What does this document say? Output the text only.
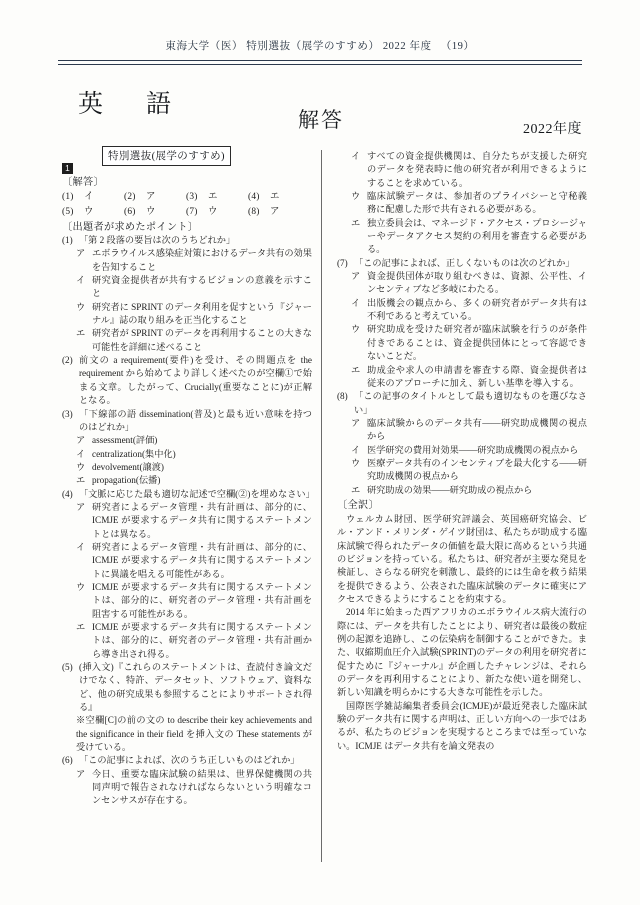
東海大学（医） 特別選抜（展学のすすめ） 2022 年度 　（19）
英　語
解答	2022年度
特別選抜(展学のすすめ)
1
〔解答〕
(1)	イ	(2)	ア	(3)	エ	(4)	エ
(5)	ウ	(6)	ウ	(7)	ウ	(8)	ア
〔出題者が求めたポイント〕
(1) 「第 2 段落の要旨は次のうちどれか」
ア エボラウイルス感染症対策におけるデータ共有の効果を告知すること
イ 研究資金提供者が共有するビジョンの意義を示すこと
ウ 研究者に SPRINT のデータ利用を促すという『ジャーナル』誌の取り組みを正当化すること
エ 研究者が SPRINT のデータを再利用することの大きな可能性を詳細に述べること
(2) 前文の a requirement(要件)を受け、その問題点を the requirement から始めてより詳しく述べたのが空欄①で始まる文章。したがって、Crucially(重要なことに)が正解となる。
(3) 「下線部の語 dissemination(普及)と最も近い意味を持つのはどれか」
ア assessment(評価)
イ centralization(集中化)
ウ devolvement(譲渡)
エ propagation(伝播)
(4) 「文脈に応じた最も適切な記述で空欄(②)を埋めなさい」
ア 研究者によるデータ管理・共有計画は、部分的に、ICMJE が要求するデータ共有に関するステートメントとは異なる。
イ 研究者によるデータ管理・共有計画は、部分的に、ICMJE が要求するデータ共有に関するステートメントに異議を唱える可能性がある。
ウ ICMJE が要求するデータ共有に関するステートメントは、部分的に、研究者のデータ管理・共有計画を阻害する可能性がある。
エ ICMJE が要求するデータ共有に関するステートメントは、部分的に、研究者のデータ管理・共有計画から導き出され得る。
(5) (挿入文)『これらのステートメントは、査読付き論文だけでなく、特許、データセット、ソフトウェア、資料など、他の研究成果も参照することによりサポートされ得る』
※空欄[C]の前の文の to describe their key achievements and the significance in their field を挿入文の These statements が受けている。
(6) 「この記事によれば、次のうち正しいものはどれか」
ア 今日、重要な臨床試験の結果は、世界保健機関の共同声明で報告されなければならないという明確なコンセンサスが存在する。
イ すべての資金提供機関は、自分たちが支援した研究のデータを発表時に他の研究者が利用できるようにすることを求めている。
ウ 臨床試験データは、参加者のプライバシーと守秘義務に配慮した形で共有される必要がある。
エ 独立委員会は、マネージド・アクセス・プロシージャーやデータアクセス契約の利用を審査する必要がある。
(7) 「この記事によれば、正しくないものは次のどれか」
ア 資金提供団体が取り組むべきは、資源、公平性、インセンティブなど多岐にわたる。
イ 出版機会の観点から、多くの研究者がデータ共有は不利であると考えている。
ウ 研究助成を受けた研究者が臨床試験を行うのが条件付きであることは、資金提供団体にとって容認できないことだ。
エ 助成金や求人の申請書を審査する際、資金提供者は従来のアプローチに加え、新しい基準を導入する。
(8) 「この記事のタイトルとして最も適切なものを選びなさい」
ア 臨床試験からのデータ共有——研究助成機関の視点から
イ 医学研究の費用対効果——研究助成機関の視点から
ウ 医療データ共有のインセンティブを最大化する——研究助成機関の視点から
エ 研究助成の効果——研究助成の視点から
〔全訳〕
ウェルカム財団、医学研究評議会、英国癌研究協会、ビル・アンド・メリンダ・ゲイツ財団は、私たちが助成する臨床試験で得られたデータの価値を最大限に高めるという共通のビジョンを持っている。私たちは、研究者が主要な発見を検証し、さらなる研究を刺激し、最終的には生命を救う結果を提供できるよう、公表された臨床試験のデータに確実にアクセスできるようにすることを約束する。
2014 年に始まった西アフリカのエボラウイルス病大流行の際には、データを共有したことにより、研究者は最後の数症例の起源を追跡し、この伝染病を制御することができた。また、収縮期血圧介入試験(SPRINT)のデータの利用を研究者に促すために『ジャーナル』が企画したチャレンジは、それらのデータを再利用することにより、新たな使い道を開発し、新しい知識を明らかにする大きな可能性を示した。
国際医学雑誌編集者委員会(ICMJE)が最近発表した臨床試験のデータ共有に関する声明は、正しい方向への一歩ではあるが、私たちのビジョンを実現するところまでは至っていない。ICMJE はデータ共有を論文発表の
